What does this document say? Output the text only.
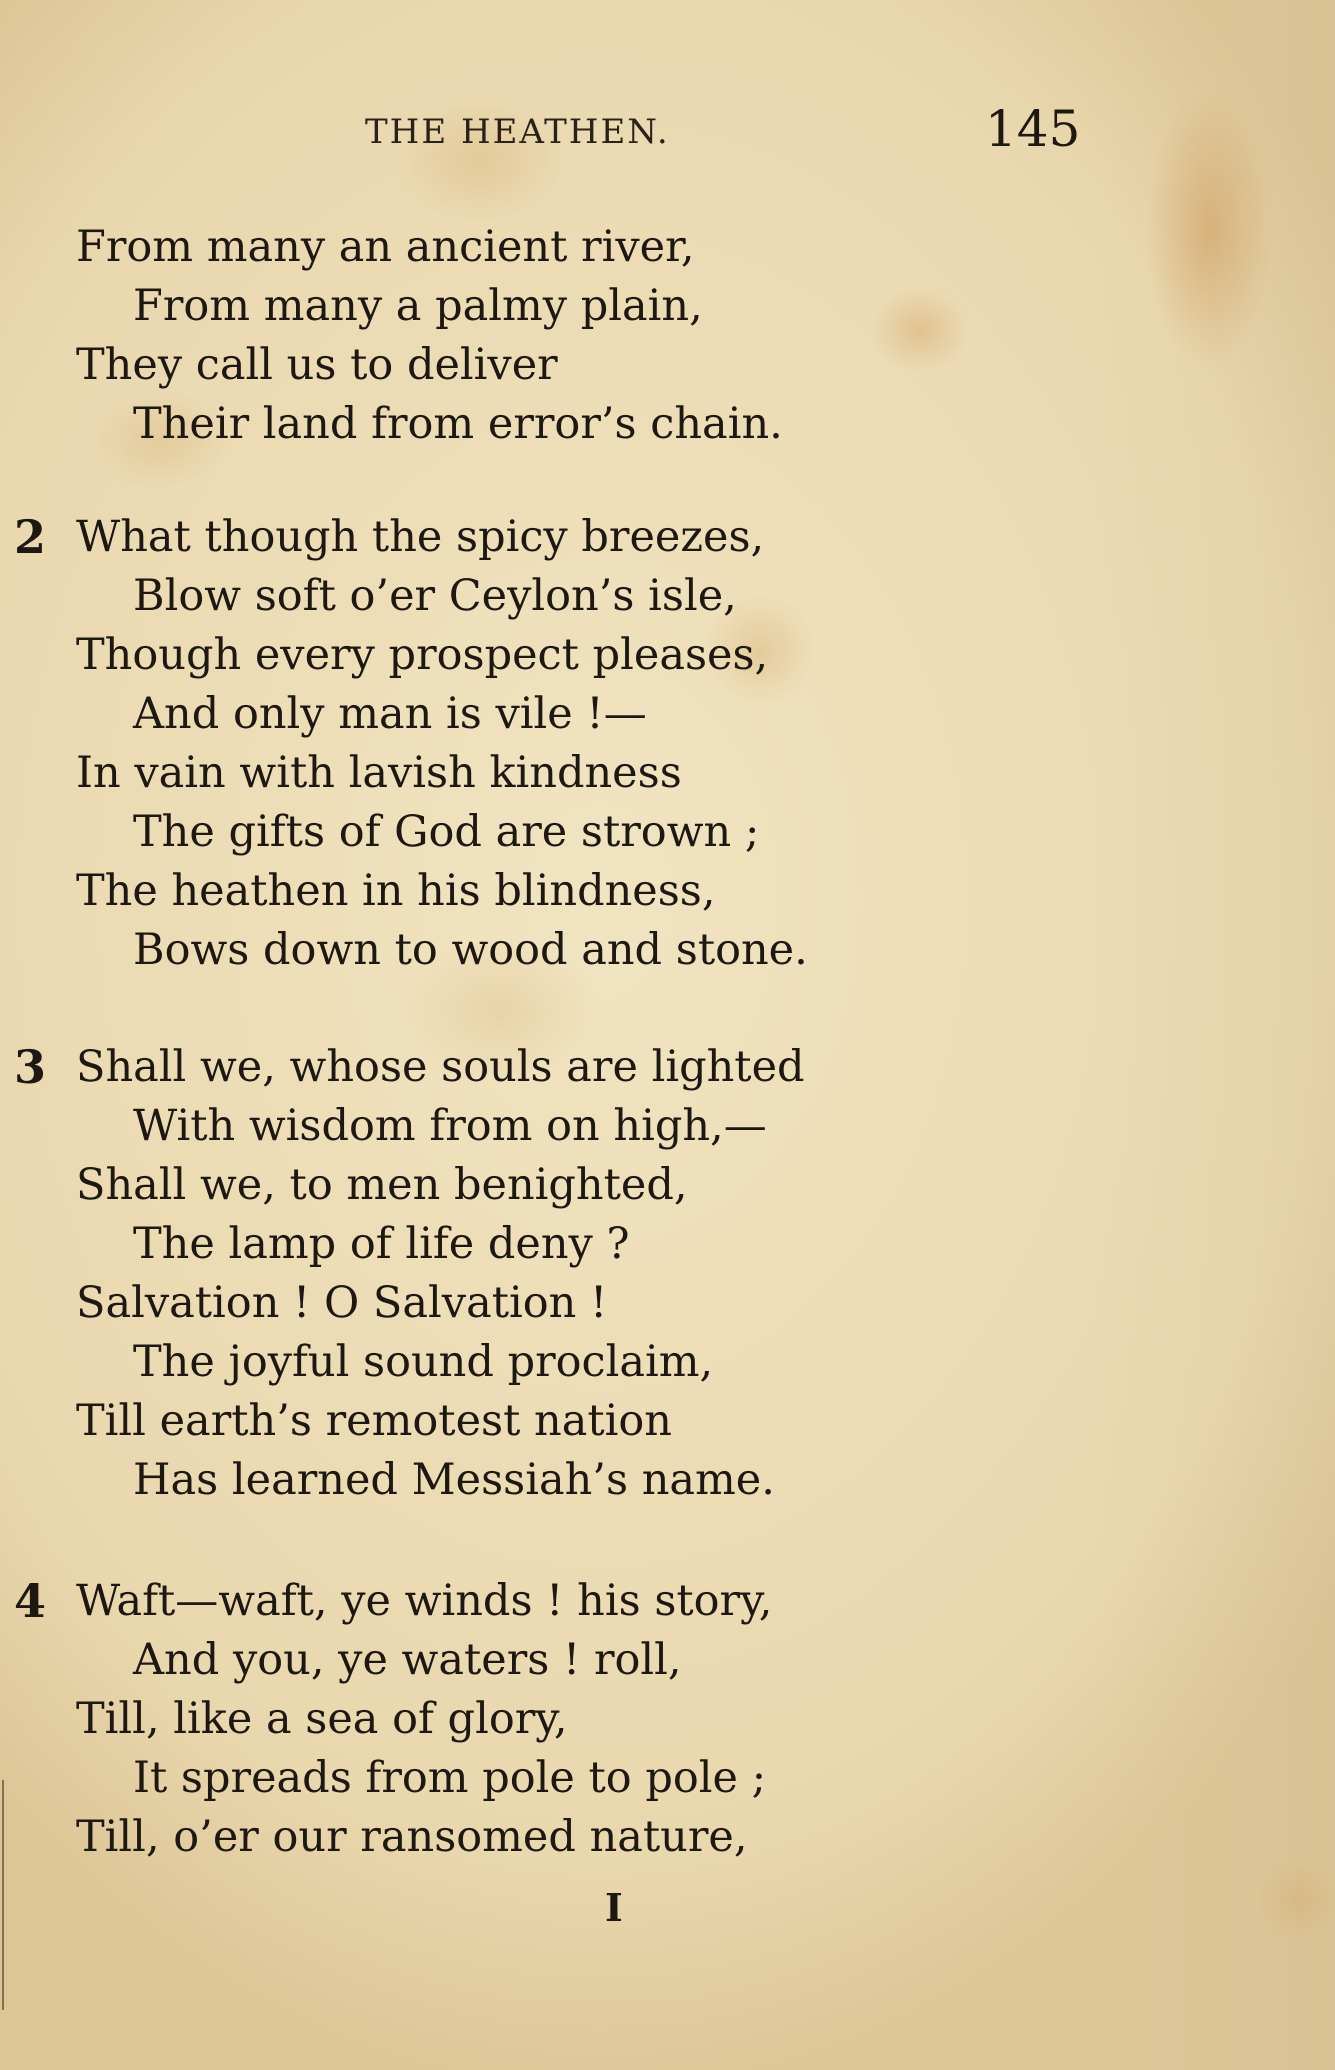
THE HEATHEN.	145
From many an ancient river,
From many a palmy plain,
They call us to deliver
Their land from error’s chain.
2 What though the spicy breezes,
Blow soft o’er Ceylon’s isle,
Though every prospect pleases,
And only man is vile !—
In vain with lavish kindness
The gifts of God are strown ;
The heathen in his blindness,
Bows down to wood and stone.
3 Shall we, whose souls are lighted
With wisdom from on high,—
Shall we, to men benighted,
The lamp of life deny ?
Salvation ! O Salvation !
The joyful sound proclaim,
Till earth’s remotest nation
Has learned Messiah’s name.
4 Waft—waft, ye winds ! his story,
And you, ye waters ! roll,
Till, like a sea of glory,
It spreads from pole to pole ;
Till, o’er our ransomed nature,
I
